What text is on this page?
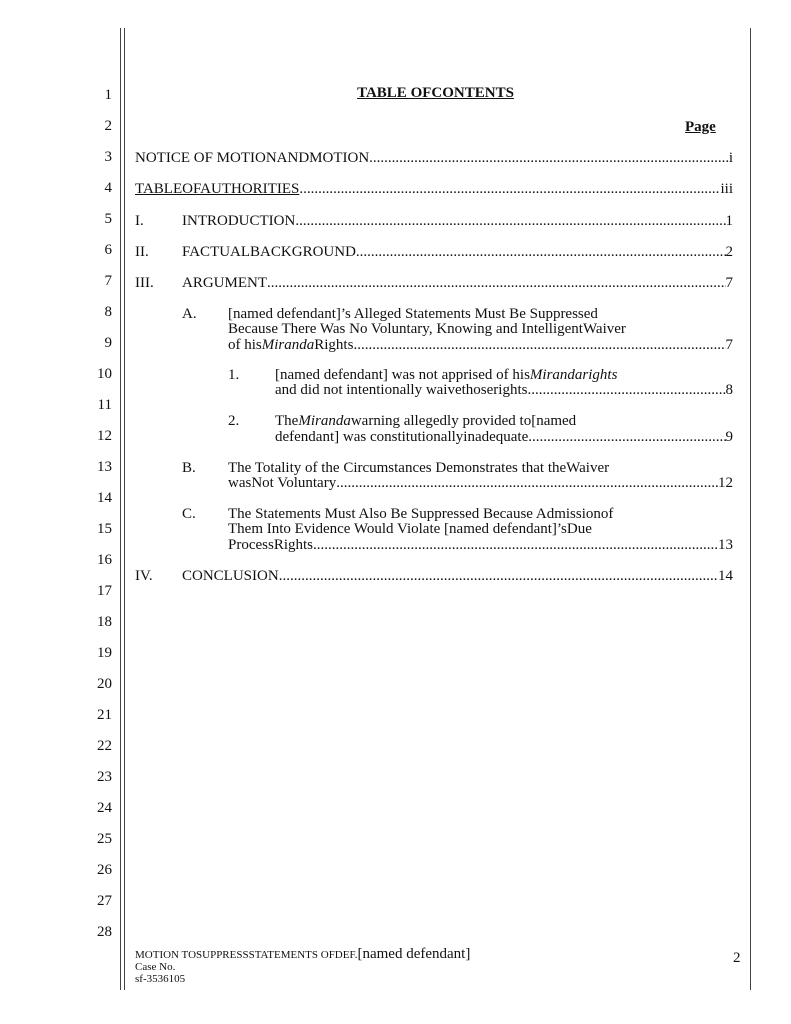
1
2
3
4
5
6
7
8
9
10
11
12
13
14
15
16
17
18
19
20
21
22
23
24
25
26
27
28
TABLE OFCONTENTS
Page
NOTICE OF MOTIONANDMOTION .....	i
TABLEOFAUTHORITIES .....	iii
I.	INTRODUCTION .....	1
II. FACTUALBACKGROUND .....	2
III. ARGUMENT .....	7
A. [named defendant]’s Alleged Statements Must Be Suppressed
Because There Was No Voluntary, Knowing and IntelligentWaiver
of hisMirandaRights .....	7
1. [named defendant] was not apprised of hisMirandarights
and did not intentionally waivethoserights .....	8
2. TheMirandawarning allegedly provided to[named
defendant] was constitutionallyinadequate .....	9
B. The Totality of the Circumstances Demonstrates that theWaiver
wasNot Voluntary .....	12
C. The Statements Must Also Be Suppressed Because Admissionof
Them Into Evidence Would Violate [named defendant]’sDue
ProcessRights .....	13
IV. CONCLUSION .....	14
MOTION TOSUPPRESSSTATEMENTS OFDEF.[named defendant]
Case No.
sf-3536105
2
